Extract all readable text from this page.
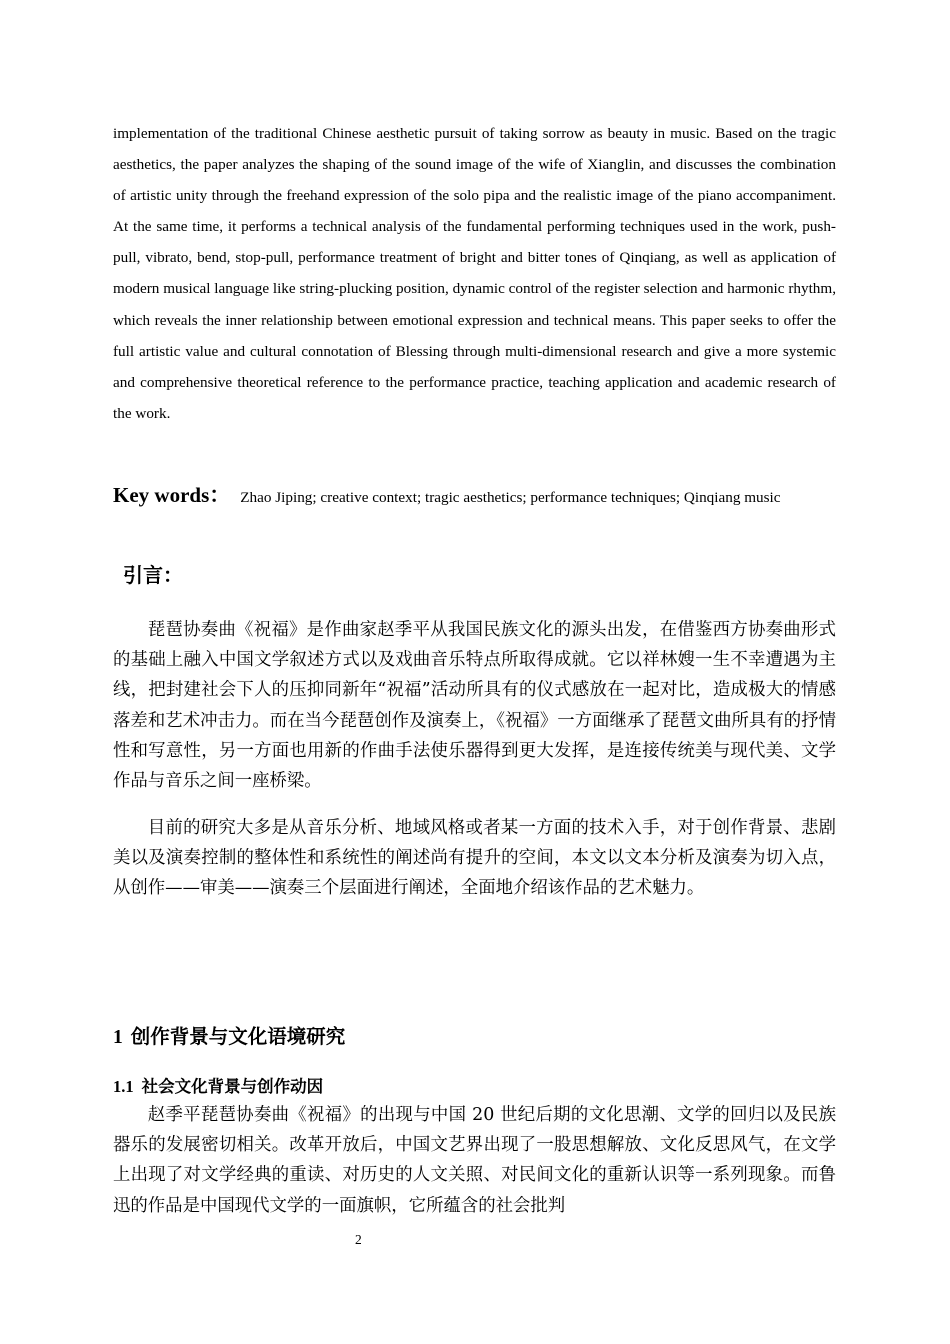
implementation of the traditional Chinese aesthetic pursuit of taking sorrow as beauty in music. Based on the tragic aesthetics, the paper analyzes the shaping of the sound image of the wife of Xianglin, and discusses the combination of artistic unity through the freehand expression of the solo pipa and the realistic image of the piano accompaniment. At the same time, it performs a technical analysis of the fundamental performing techniques used in the work, push-pull, vibrato, bend, stop-pull, performance treatment of bright and bitter tones of Qinqiang, as well as application of modern musical language like string-plucking position, dynamic control of the register selection and harmonic rhythm, which reveals the inner relationship between emotional expression and technical means. This paper seeks to offer the full artistic value and cultural connotation of Blessing through multi-dimensional research and give a more systemic and comprehensive theoretical reference to the performance practice, teaching application and academic research of the work.

Key words： Zhao Jiping; creative context; tragic aesthetics; performance techniques; Qinqiang music

引言：

琵琶协奏曲《祝福》是作曲家赵季平从我国民族文化的源头出发，在借鉴西方协奏曲形式的基础上融入中国文学叙述方式以及戏曲音乐特点所取得成就。它以祥林嫂一生不幸遭遇为主线，把封建社会下人的压抑同新年“祝福”活动所具有的仪式感放在一起对比，造成极大的情感落差和艺术冲击力。而在当今琵琶创作及演奏上，《祝福》一方面继承了琵琶文曲所具有的抒情性和写意性，另一方面也用新的作曲手法使乐器得到更大发挥，是连接传统美与现代美、文学作品与音乐之间一座桥梁。

目前的研究大多是从音乐分析、地域风格或者某一方面的技术入手，对于创作背景、悲剧美以及演奏控制的整体性和系统性的阐述尚有提升的空间，本文以文本分析及演奏为切入点，从创作——审美——演奏三个层面进行阐述，全面地介绍该作品的艺术魅力。

1 创作背景与文化语境研究
1.1 社会文化背景与创作动因

赵季平琵琶协奏曲《祝福》的出现与中国 20 世纪后期的文化思潮、文学的回归以及民族器乐的发展密切相关。改革开放后，中国文艺界出现了一股思想解放、文化反思风气，在文学上出现了对文学经典的重读、对历史的人文关照、对民间文化的重新认识等一系列现象。而鲁迅的作品是中国现代文学的一面旗帜，它所蕴含的社会批判

2
